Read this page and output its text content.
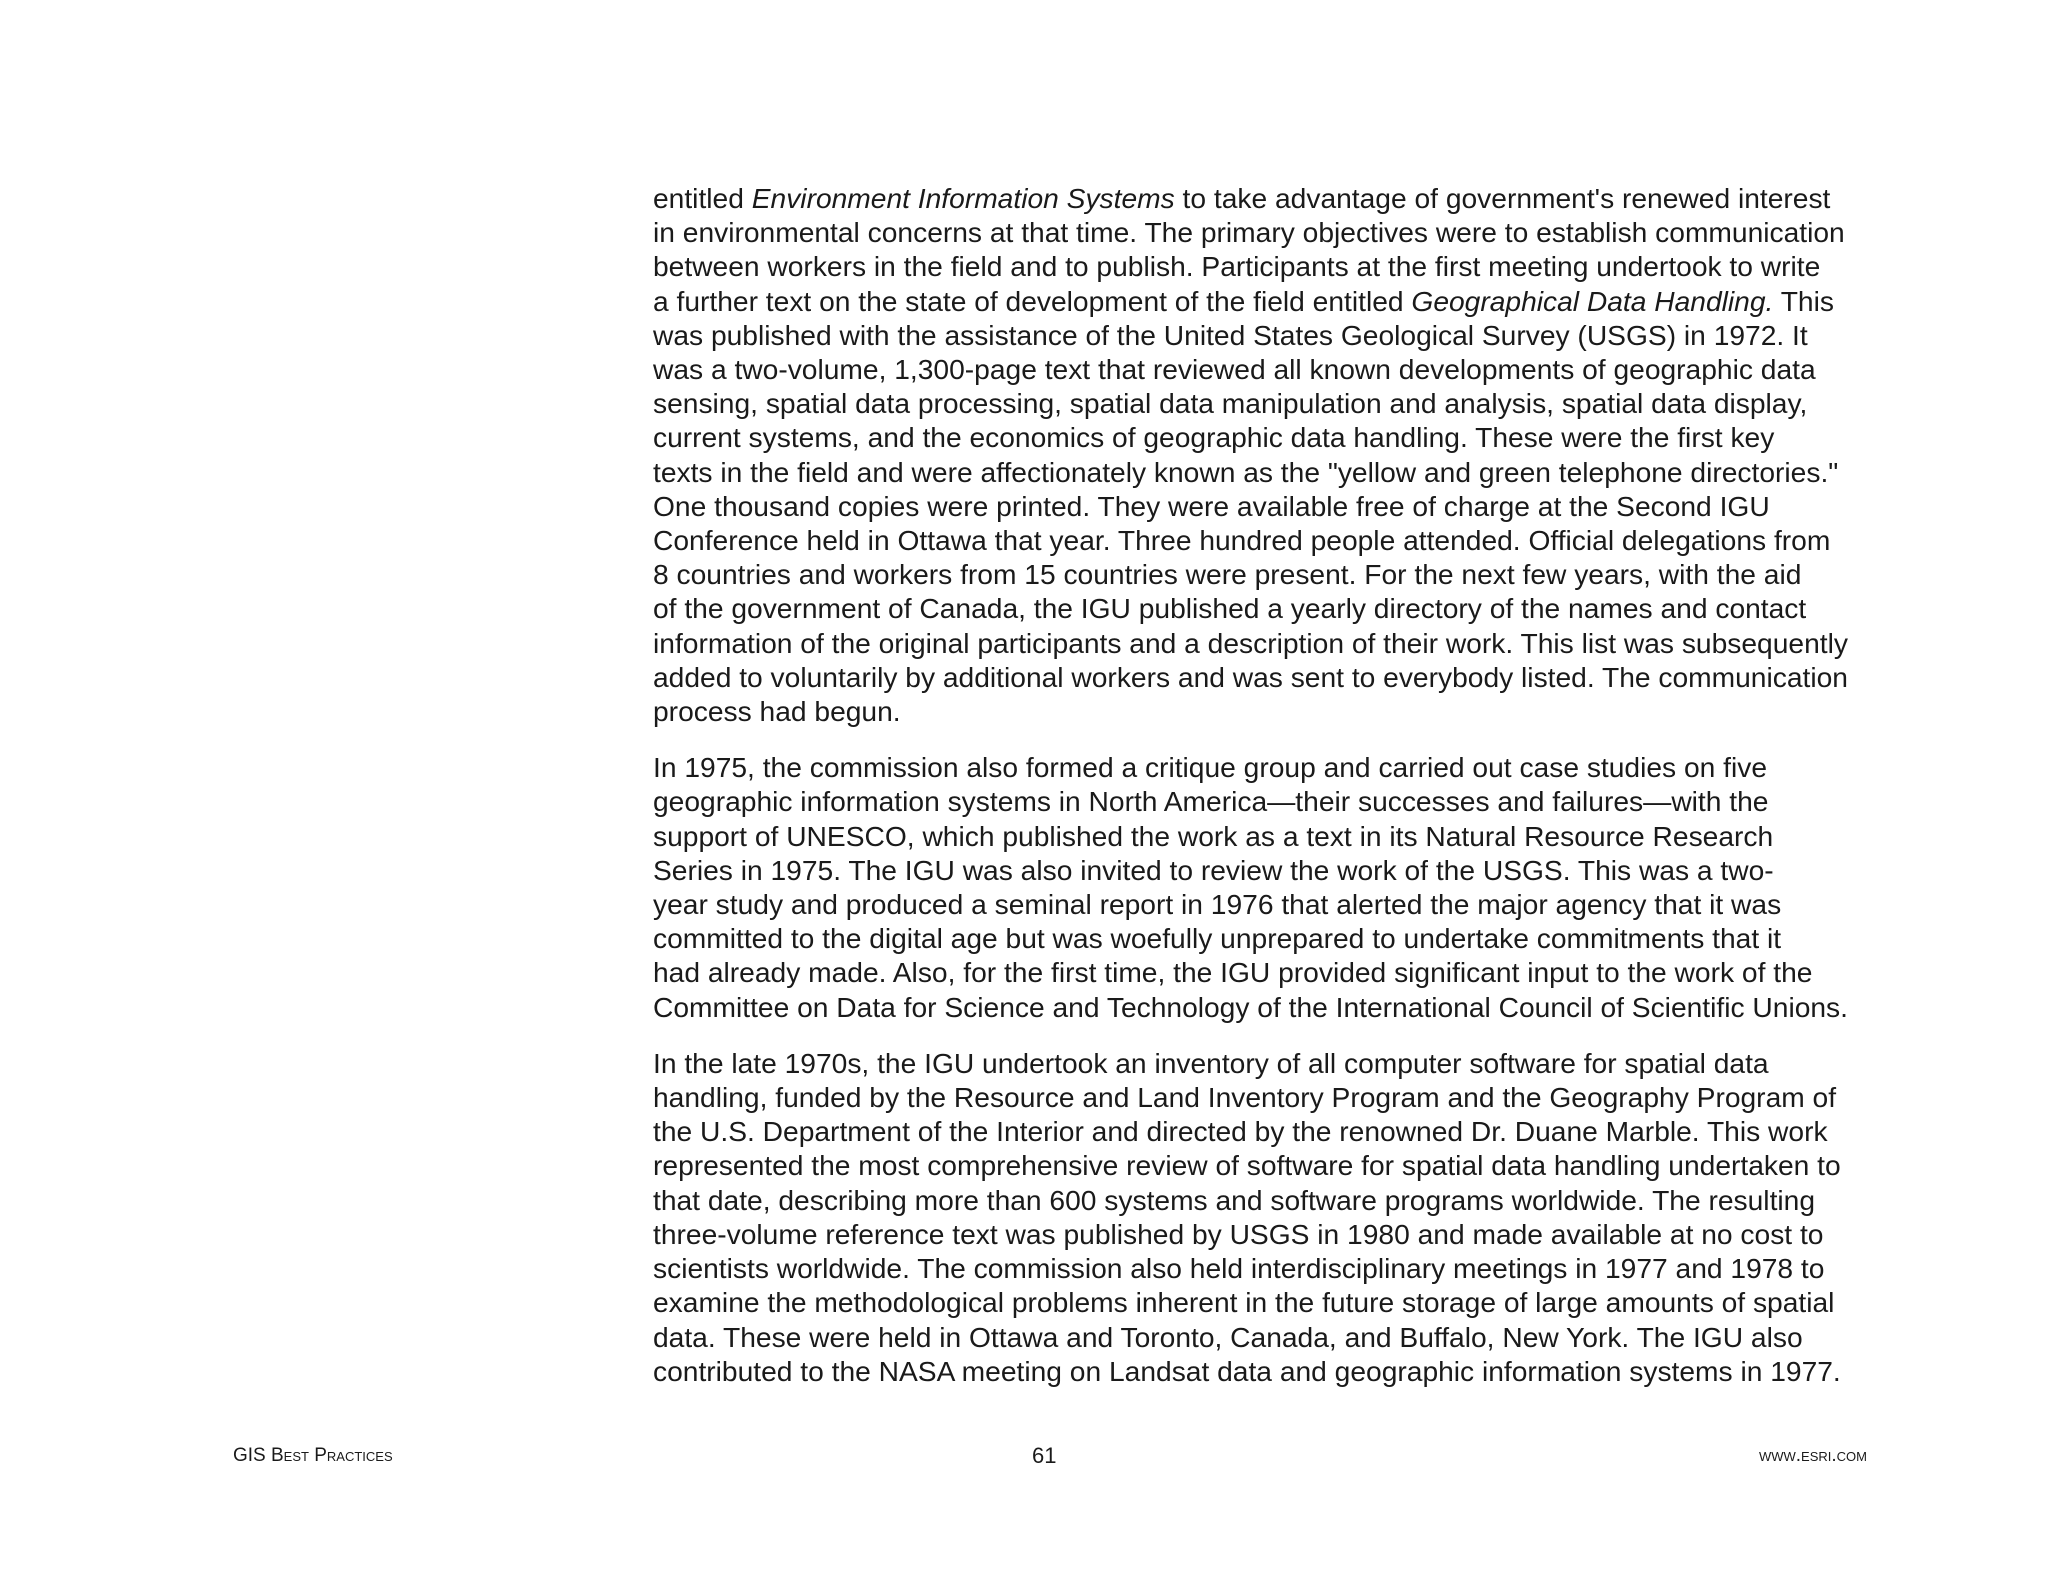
entitled Environment Information Systems to take advantage of government's renewed interest
in environmental concerns at that time. The primary objectives were to establish communication
between workers in the field and to publish. Participants at the first meeting undertook to write
a further text on the state of development of the field entitled Geographical Data Handling. This
was published with the assistance of the United States Geological Survey (USGS) in 1972. It
was a two-volume, 1,300-page text that reviewed all known developments of geographic data
sensing, spatial data processing, spatial data manipulation and analysis, spatial data display,
current systems, and the economics of geographic data handling. These were the first key
texts in the field and were affectionately known as the "yellow and green telephone directories."
One thousand copies were printed. They were available free of charge at the Second IGU
Conference held in Ottawa that year. Three hundred people attended. Official delegations from
8 countries and workers from 15 countries were present. For the next few years, with the aid
of the government of Canada, the IGU published a yearly directory of the names and contact
information of the original participants and a description of their work. This list was subsequently
added to voluntarily by additional workers and was sent to everybody listed. The communication
process had begun.

In 1975, the commission also formed a critique group and carried out case studies on five
geographic information systems in North America—their successes and failures—with the
support of UNESCO, which published the work as a text in its Natural Resource Research
Series in 1975. The IGU was also invited to review the work of the USGS. This was a two-
year study and produced a seminal report in 1976 that alerted the major agency that it was
committed to the digital age but was woefully unprepared to undertake commitments that it
had already made. Also, for the first time, the IGU provided significant input to the work of the
Committee on Data for Science and Technology of the International Council of Scientific Unions.

In the late 1970s, the IGU undertook an inventory of all computer software for spatial data
handling, funded by the Resource and Land Inventory Program and the Geography Program of
the U.S. Department of the Interior and directed by the renowned Dr. Duane Marble. This work
represented the most comprehensive review of software for spatial data handling undertaken to
that date, describing more than 600 systems and software programs worldwide. The resulting
three-volume reference text was published by USGS in 1980 and made available at no cost to
scientists worldwide. The commission also held interdisciplinary meetings in 1977 and 1978 to
examine the methodological problems inherent in the future storage of large amounts of spatial
data. These were held in Ottawa and Toronto, Canada, and Buffalo, New York. The IGU also
contributed to the NASA meeting on Landsat data and geographic information systems in 1977.

GIS Best Practices	61	www.esri.com
